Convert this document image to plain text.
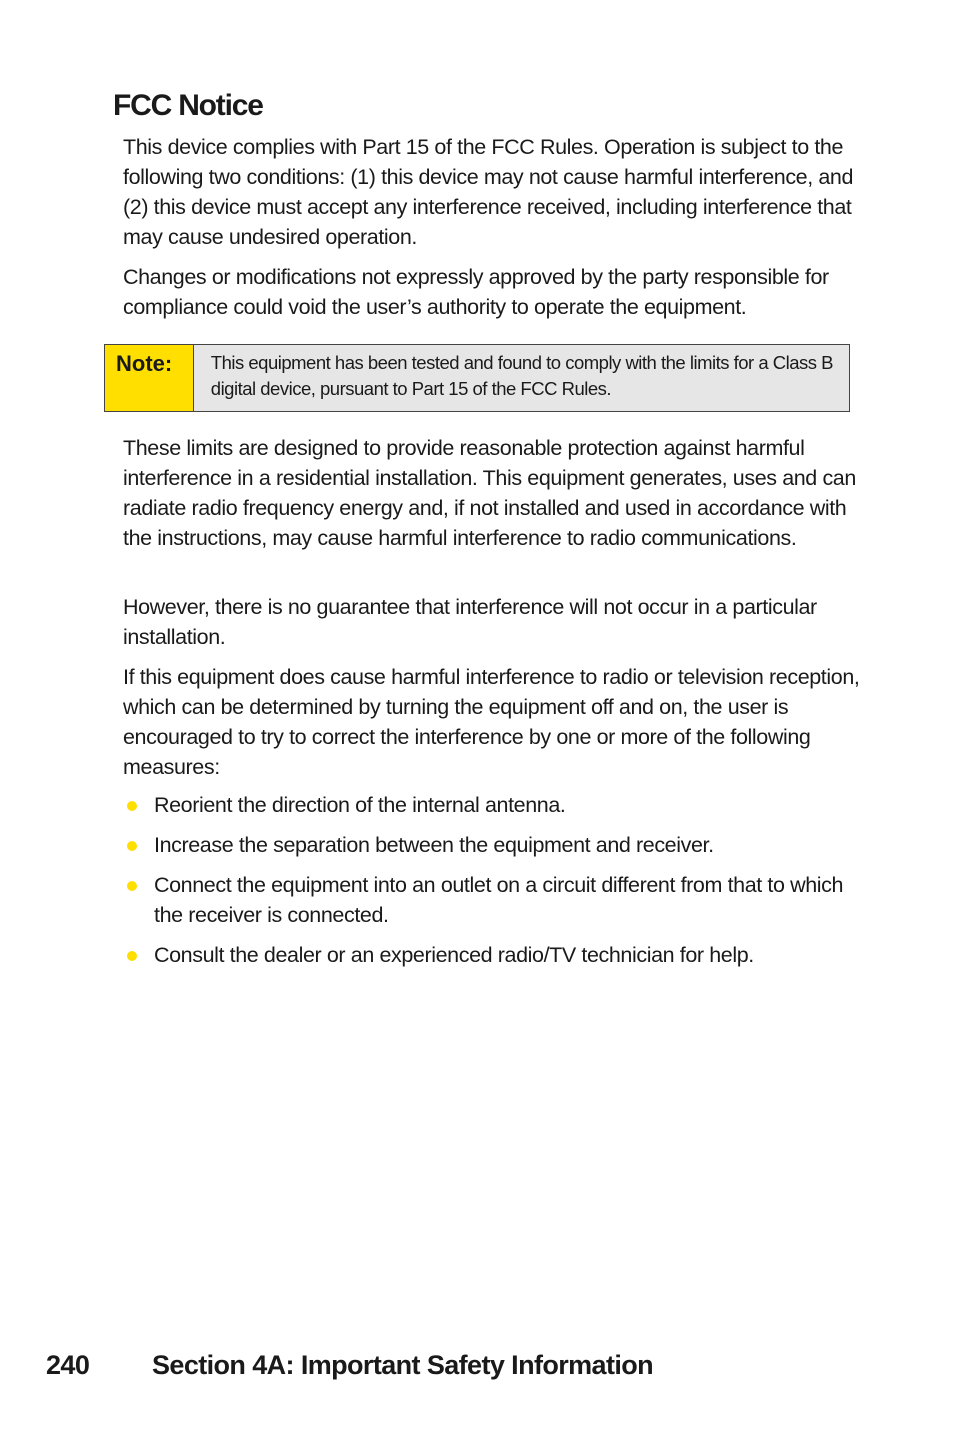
FCC Notice

This device complies with Part 15 of the FCC Rules. Operation is subject to the following two conditions: (1) this device may not cause harmful interference, and (2) this device must accept any interference received, including interference that may cause undesired operation.

Changes or modifications not expressly approved by the party responsible for compliance could void the user’s authority to operate the equipment.

Note:	This equipment has been tested and found to comply with the limits for a Class B digital device, pursuant to Part 15 of the FCC Rules.

These limits are designed to provide reasonable protection against harmful interference in a residential installation. This equipment generates, uses and can radiate radio frequency energy and, if not installed and used in accordance with the instructions, may cause harmful interference to radio communications.

However, there is no guarantee that interference will not occur in a particular installation.

If this equipment does cause harmful interference to radio or television reception, which can be determined by turning the equipment off and on, the user is encouraged to try to correct the interference by one or more of the following measures:

Reorient the direction of the internal antenna.
Increase the separation between the equipment and receiver.
Connect the equipment into an outlet on a circuit different from that to which the receiver is connected.
Consult the dealer or an experienced radio/TV technician for help.
240 Section 4A: Important Safety Information
